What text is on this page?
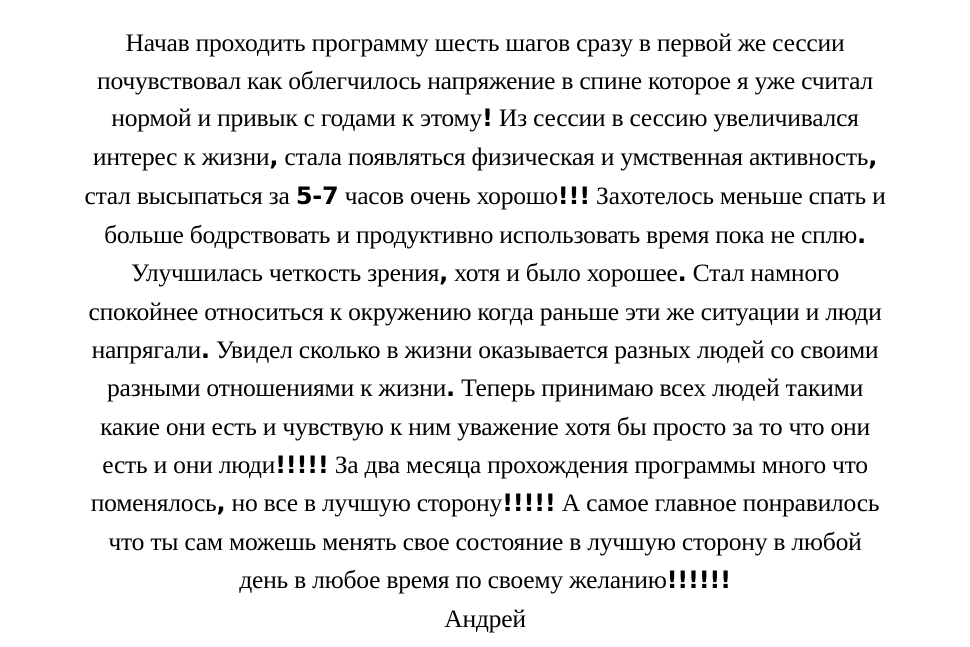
Начав проходить программу шесть шагов сразу в первой же сессии
почувствовал как облегчилось напряжение в спине которое я уже считал
нормой и привык с годами к этому! Из сессии в сессию увеличивался
интерес к жизни, стала появляться физическая и умственная активность,
стал высыпаться за 5-7 часов очень хорошо!!! Захотелось меньше спать и
больше бодрствовать и продуктивно использовать время пока не сплю.
Улучшилась четкость зрения, хотя и было хорошее. Стал намного
спокойнее относиться к окружению когда раньше эти же ситуации и люди
напрягали. Увидел сколько в жизни оказывается разных людей со своими
разными отношениями к жизни. Теперь принимаю всех людей такими
какие они есть и чувствую к ним уважение хотя бы просто за то что они
есть и они люди!!!!! За два месяца прохождения программы много что
поменялось, но все в лучшую сторону!!!!! А самое главное понравилось
что ты сам можешь менять свое состояние в лучшую сторону в любой
день в любое время по своему желанию!!!!!!

Андрей
